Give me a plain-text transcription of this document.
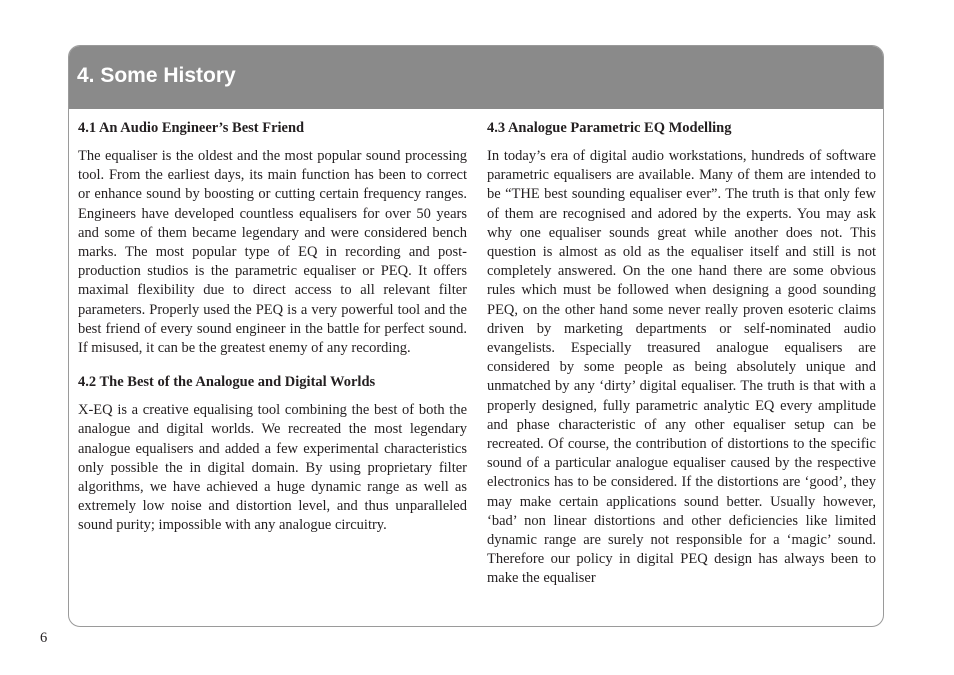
4. Some History
4.1 An Audio Engineer’s Best Friend

The equaliser is the oldest and the most popular sound processing tool. From the earliest days, its main function has been to correct or enhance sound by boosting or cutting certain frequency ranges. Engineers have developed countless equalisers for over 50 years and some of them became legendary and were considered bench marks. The most popular type of EQ in recording and post-production studios is the parametric equaliser or PEQ. It offers maximal flexibility due to direct access to all relevant filter parameters. Properly used the PEQ is a very powerful tool and the best friend of every sound engineer in the battle for perfect sound. If misused, it can be the greatest enemy of any recording.

4.2 The Best of the Analogue and Digital Worlds

X-EQ is a creative equalising tool combining the best of both the analogue and digital worlds. We recreated the most legendary analogue equalisers and added a few experimental characteristics only possible the in digital domain. By using proprietary filter algorithms, we have achieved a huge dynamic range as well as extremely low noise and distortion level, and thus unparalleled sound purity; impossible with any analogue circuitry.

4.3 Analogue Parametric EQ Modelling

In today’s era of digital audio workstations, hundreds of software parametric equalisers are available. Many of them are intended to be “THE best sounding equaliser ever”. The truth is that only few of them are recognised and adored by the experts. You may ask why one equaliser sounds great while another does not. This question is almost as old as the equaliser itself and still is not completely answered. On the one hand there are some obvious rules which must be followed when designing a good sounding PEQ, on the other hand some never really proven esoteric claims driven by marketing departments or self-nominated audio evangelists. Especially treasured analogue equalisers are considered by some people as being absolutely unique and unmatched by any ‘dirty’ digital equaliser. The truth is that with a properly designed, fully parametric analytic EQ every amplitude and phase characteristic of any other equaliser setup can be recreated. Of course, the contribution of distortions to the specific sound of a particular analogue equaliser caused by the respective electronics has to be considered. If the distortions are ‘good’, they may make certain applications sound better. Usually however, ‘bad’ non linear distortions and other deficiencies like limited dynamic range are surely not responsible for a ‘magic’ sound. Therefore our policy in digital PEQ design has always been to make the equaliser

6
